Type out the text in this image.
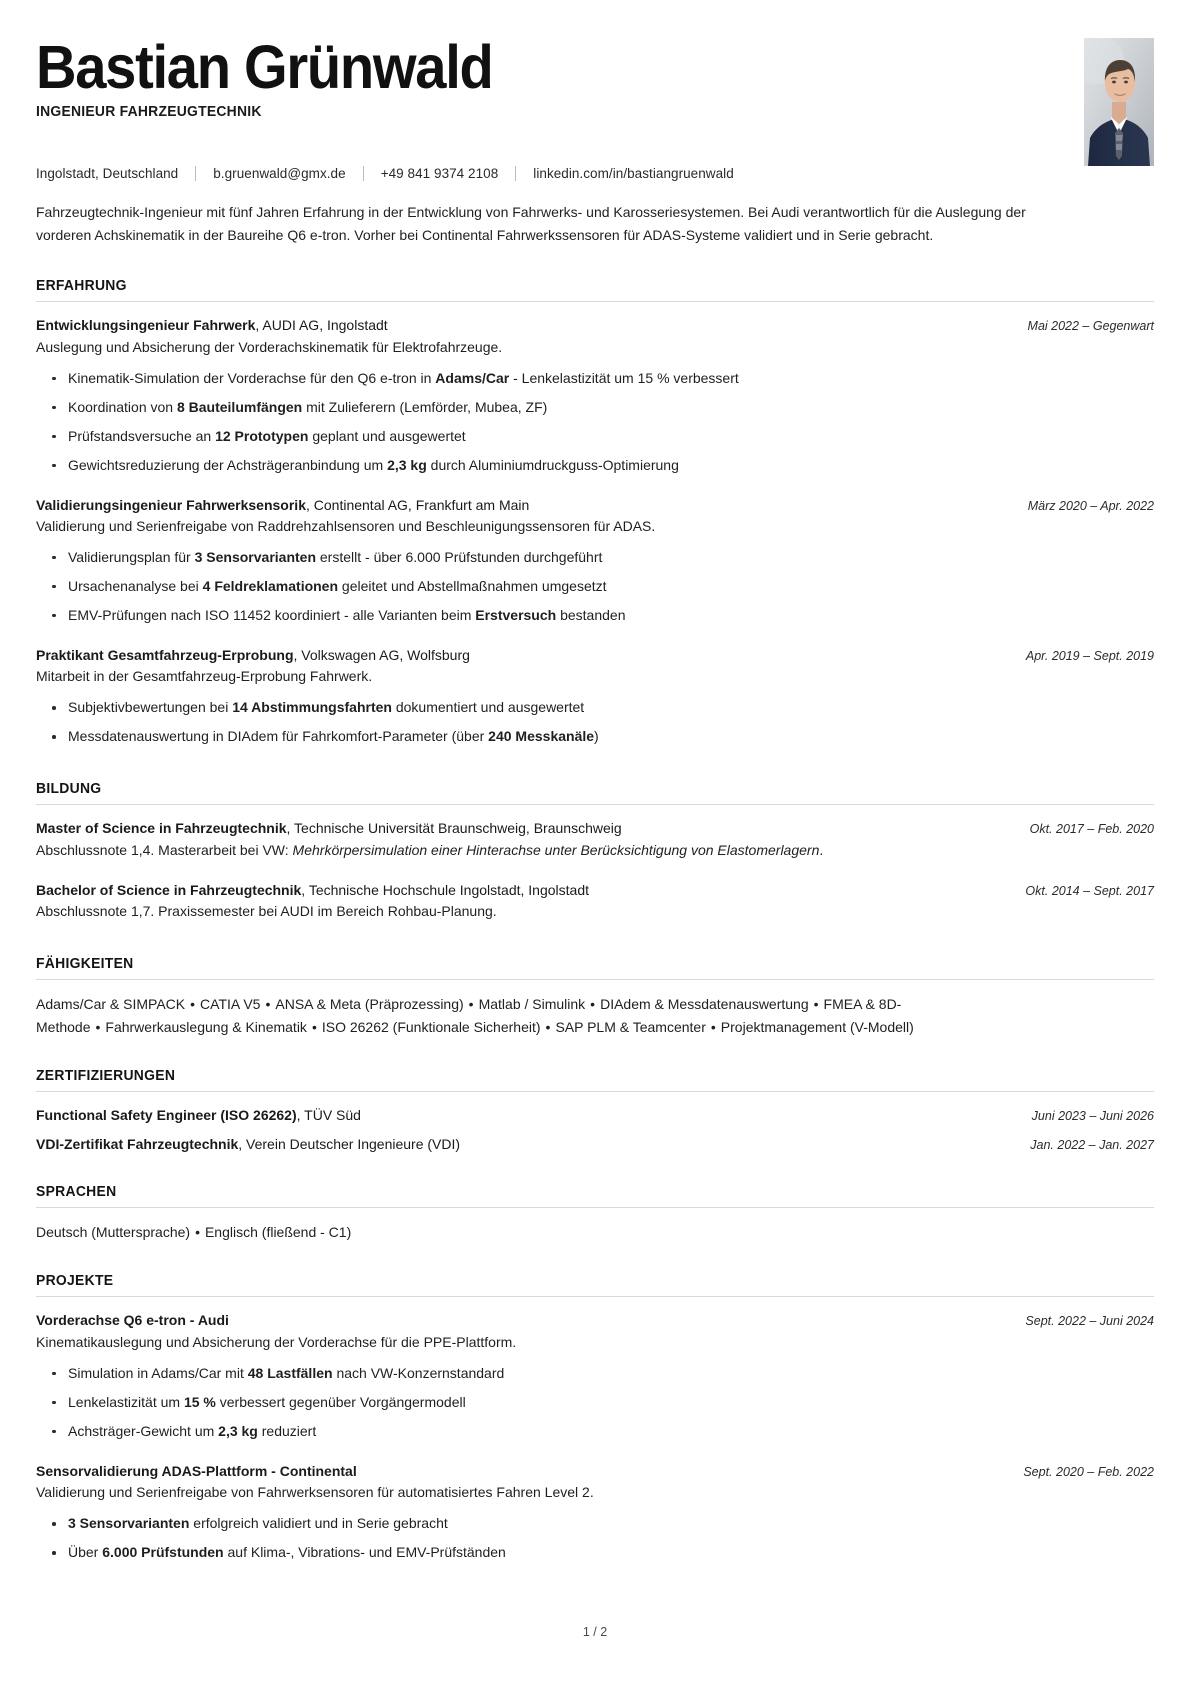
Bastian Grünwald
INGENIEUR FAHRZEUGTECHNIK
Ingolstadt, Deutschland	b.gruenwald@gmx.de	+49 841 9374 2108	linkedin.com/in/bastiangruenwald

Fahrzeugtechnik-Ingenieur mit fünf Jahren Erfahrung in der Entwicklung von Fahrwerks- und Karosseriesystemen. Bei Audi verantwortlich für die Auslegung der vorderen Achskinematik in der Baureihe Q6 e-tron. Vorher bei Continental Fahrwerkssensoren für ADAS-Systeme validiert und in Serie gebracht.

ERFAHRUNG
Entwicklungsingenieur Fahrwerk, AUDI AG, Ingolstadt	Mai 2022 – Gegenwart
Auslegung und Absicherung der Vorderachskinematik für Elektrofahrzeuge.
Kinematik-Simulation der Vorderachse für den Q6 e-tron in Adams/Car - Lenkelastizität um 15 % verbessert
Koordination von 8 Bauteilumfängen mit Zulieferern (Lemförder, Mubea, ZF)
Prüfstandsversuche an 12 Prototypen geplant und ausgewertet
Gewichtsreduzierung der Achsträgeranbindung um 2,3 kg durch Aluminiumdruckguss-Optimierung
Validierungsingenieur Fahrwerksensorik, Continental AG, Frankfurt am Main	März 2020 – Apr. 2022
Validierung und Serienfreigabe von Raddrehzahlsensoren und Beschleunigungssensoren für ADAS.
Validierungsplan für 3 Sensorvarianten erstellt - über 6.000 Prüfstunden durchgeführt
Ursachenanalyse bei 4 Feldreklamationen geleitet und Abstellmaßnahmen umgesetzt
EMV-Prüfungen nach ISO 11452 koordiniert - alle Varianten beim Erstversuch bestanden
Praktikant Gesamtfahrzeug-Erprobung, Volkswagen AG, Wolfsburg	Apr. 2019 – Sept. 2019
Mitarbeit in der Gesamtfahrzeug-Erprobung Fahrwerk.
Subjektivbewertungen bei 14 Abstimmungsfahrten dokumentiert und ausgewertet
Messdatenauswertung in DIAdem für Fahrkomfort-Parameter (über 240 Messkanäle)
BILDUNG
Master of Science in Fahrzeugtechnik, Technische Universität Braunschweig, Braunschweig	Okt. 2017 – Feb. 2020
Abschlussnote 1,4. Masterarbeit bei VW: Mehrkörpersimulation einer Hinterachse unter Berücksichtigung von Elastomerlagern.
Bachelor of Science in Fahrzeugtechnik, Technische Hochschule Ingolstadt, Ingolstadt	Okt. 2014 – Sept. 2017
Abschlussnote 1,7. Praxissemester bei AUDI im Bereich Rohbau-Planung.
FÄHIGKEITEN

Adams/Car & SIMPACK • CATIA V5 • ANSA & Meta (Präprozessing) • Matlab / Simulink • DIAdem & Messdatenauswertung • FMEA & 8D-Methode • Fahrwerkauslegung & Kinematik • ISO 26262 (Funktionale Sicherheit) • SAP PLM & Teamcenter • Projektmanagement (V-Modell)

ZERTIFIZIERUNGEN
Functional Safety Engineer (ISO 26262), TÜV Süd	Juni 2023 – Juni 2026
VDI-Zertifikat Fahrzeugtechnik, Verein Deutscher Ingenieure (VDI)	Jan. 2022 – Jan. 2027
SPRACHEN

Deutsch (Muttersprache) • Englisch (fließend - C1)

PROJEKTE
Vorderachse Q6 e-tron - Audi	Sept. 2022 – Juni 2024
Kinematikauslegung und Absicherung der Vorderachse für die PPE-Plattform.
Simulation in Adams/Car mit 48 Lastfällen nach VW-Konzernstandard
Lenkelastizität um 15 % verbessert gegenüber Vorgängermodell
Achsträger-Gewicht um 2,3 kg reduziert
Sensorvalidierung ADAS-Plattform - Continental	Sept. 2020 – Feb. 2022
Validierung und Serienfreigabe von Fahrwerksensoren für automatisiertes Fahren Level 2.
3 Sensorvarianten erfolgreich validiert und in Serie gebracht
Über 6.000 Prüfstunden auf Klima-, Vibrations- und EMV-Prüfständen
1 / 2
